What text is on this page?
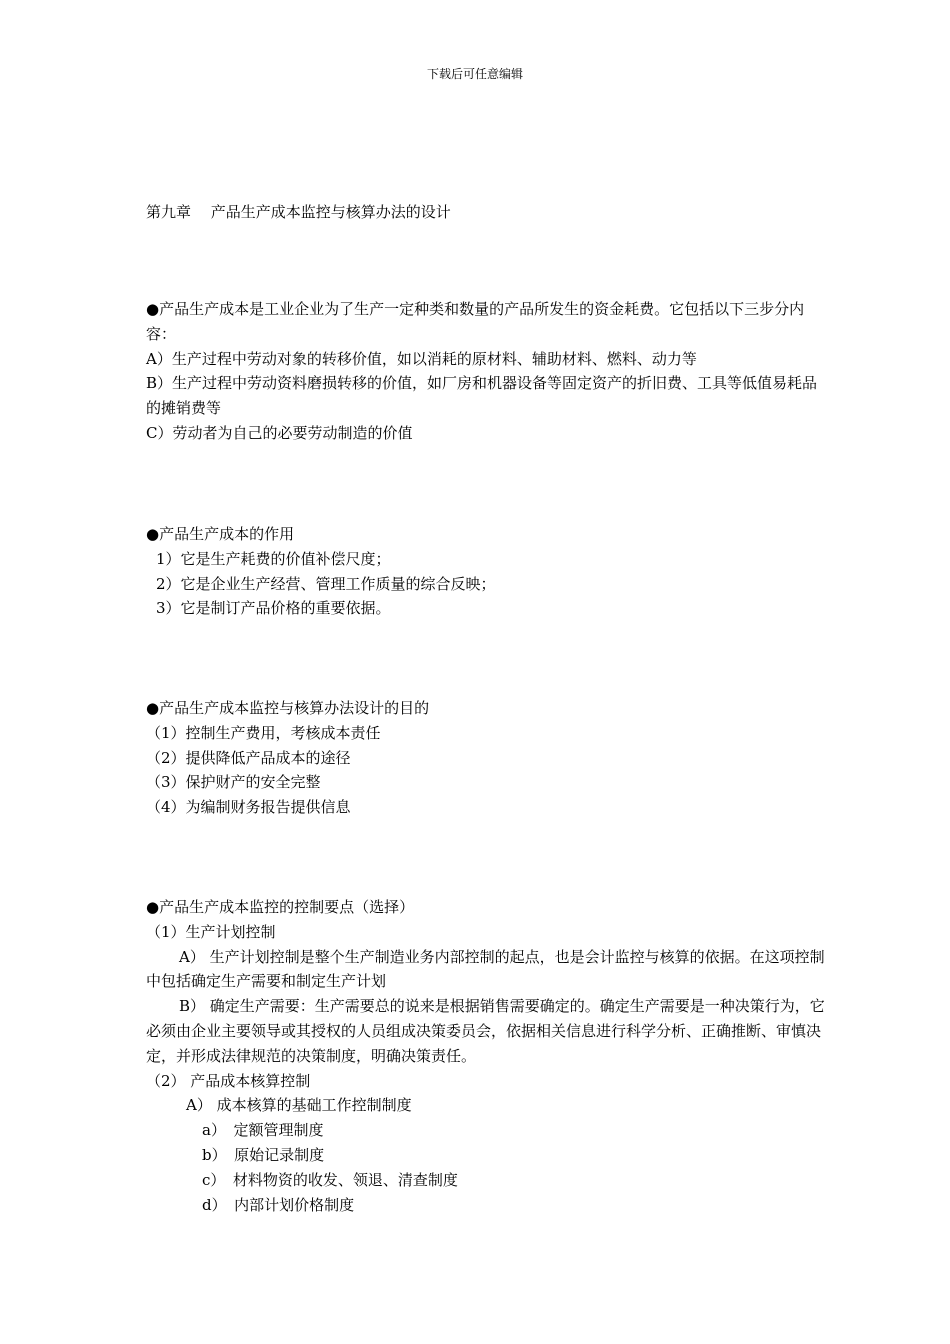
下载后可任意编辑
第九章　 产品生产成本监控与核算办法的设计
●产品生产成本是工业企业为了生产一定种类和数量的产品所发生的资金耗费。它包括以下三步分内容：
A）生产过程中劳动对象的转移价值，如以消耗的原材料、辅助材料、燃料、动力等
B）生产过程中劳动资料磨损转移的价值，如厂房和机器设备等固定资产的折旧费、工具等低值易耗品的摊销费等
C）劳动者为自己的必要劳动制造的价值
●产品生产成本的作用
1）它是生产耗费的价值补偿尺度；
2）它是企业生产经营、管理工作质量的综合反映；
3）它是制订产品价格的重要依据。
●产品生产成本监控与核算办法设计的目的
（1）控制生产费用，考核成本责任
（2）提供降低产品成本的途径
（3）保护财产的安全完整
（4）为编制财务报告提供信息
●产品生产成本监控的控制要点（选择）
（1）生产计划控制
A） 生产计划控制是整个生产制造业务内部控制的起点，也是会计监控与核算的依据。在这项控制中包括确定生产需要和制定生产计划
B） 确定生产需要：生产需要总的说来是根据销售需要确定的。确定生产需要是一种决策行为，它必须由企业主要领导或其授权的人员组成决策委员会，依据相关信息进行科学分析、正确推断、审慎决定，并形成法律规范的决策制度，明确决策责任。
（2） 产品成本核算控制
A） 成本核算的基础工作控制制度
a）　定额管理制度
b）　原始记录制度
c）　材料物资的收发、领退、清查制度
d）　内部计划价格制度
